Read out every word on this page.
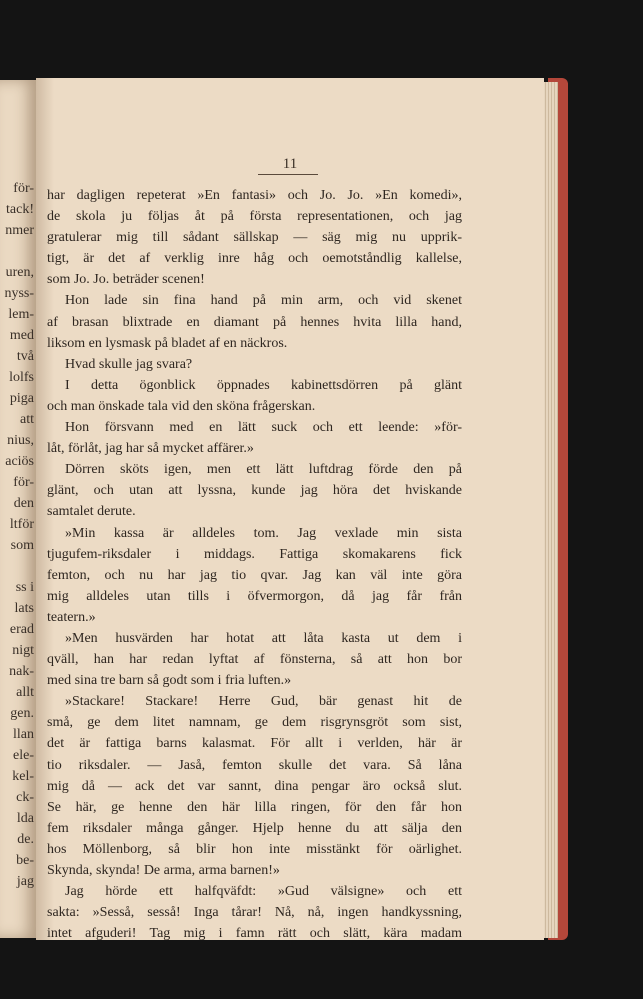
för-
tack!
nmer
uren,
nyss-
lem-
med
två
lolfs
piga
att
nius,
aciös
för-
den
ltför
som
ss i
lats
erad
nigt
nak-
allt
gen.
llan
ele-
kel-
ck-
lda
de.
be-
jag
11
har dagligen repeterat »En fantasi» och Jo. Jo. »En komedi»,
de skola ju följas åt på första representationen, och jag
gratulerar mig till sådant sällskap — säg mig nu upprik-
tigt, är det af verklig inre håg och oemotståndlig kallelse,
som Jo. Jo. beträder scenen!
Hon lade sin fina hand på min arm, och vid skenet
af brasan blixtrade en diamant på hennes hvita lilla hand,
liksom en lysmask på bladet af en näckros.
Hvad skulle jag svara?
I detta ögonblick öppnades kabinettsdörren på glänt
och man önskade tala vid den sköna frågerskan.
Hon försvann med en lätt suck och ett leende: »för-
låt, förlåt, jag har så mycket affärer.»
Dörren sköts igen, men ett lätt luftdrag förde den på
glänt, och utan att lyssna, kunde jag höra det hviskande
samtalet derute.
»Min kassa är alldeles tom. Jag vexlade min sista
tjugufem-riksdaler i middags. Fattiga skomakarens fick
femton, och nu har jag tio qvar. Jag kan väl inte göra
mig alldeles utan tills i öfvermorgon, då jag får från
teatern.»
»Men husvärden har hotat att låta kasta ut dem i
qväll, han har redan lyftat af fönsterna, så att hon bor
med sina tre barn så godt som i fria luften.»
»Stackare! Stackare! Herre Gud, bär genast hit de
små, ge dem litet namnam, ge dem risgrynsgröt som sist,
det är fattiga barns kalasmat. För allt i verlden, här är
tio riksdaler. — Jaså, femton skulle det vara. Så låna
mig då — ack det var sannt, dina pengar äro också slut.
Se här, ge henne den här lilla ringen, för den får hon
fem riksdaler många gånger. Hjelp henne du att sälja den
hos Möllenborg, så blir hon inte misstänkt för oärlighet.
Skynda, skynda! De arma, arma barnen!»
Jag hörde ett halfqväfdt: »Gud välsigne» och ett
sakta: »Sesså, sesså! Inga tårar! Nå, nå, ingen handkyssning,
intet afguderi! Tag mig i famn rätt och slätt, kära madam
